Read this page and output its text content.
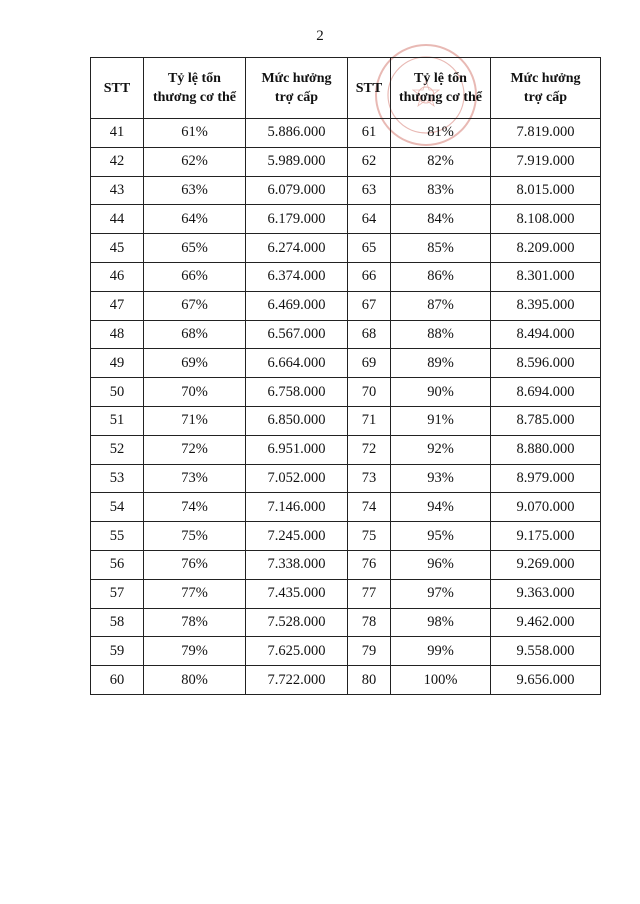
2
STT	Tỷ lệ tổn
thương cơ thể	Mức hưởng
trợ cấp	STT	Tỷ lệ tổn
thương cơ thể	Mức hưởng
trợ cấp

41	61%	5.886.000	61	81%	7.819.000
42	62%	5.989.000	62	82%	7.919.000
43	63%	6.079.000	63	83%	8.015.000
44	64%	6.179.000	64	84%	8.108.000
45	65%	6.274.000	65	85%	8.209.000
46	66%	6.374.000	66	86%	8.301.000
47	67%	6.469.000	67	87%	8.395.000
48	68%	6.567.000	68	88%	8.494.000
49	69%	6.664.000	69	89%	8.596.000
50	70%	6.758.000	70	90%	8.694.000
51	71%	6.850.000	71	91%	8.785.000
52	72%	6.951.000	72	92%	8.880.000
53	73%	7.052.000	73	93%	8.979.000
54	74%	7.146.000	74	94%	9.070.000
55	75%	7.245.000	75	95%	9.175.000
56	76%	7.338.000	76	96%	9.269.000
57	77%	7.435.000	77	97%	9.363.000
58	78%	7.528.000	78	98%	9.462.000
59	79%	7.625.000	79	99%	9.558.000
60	80%	7.722.000	80	100%	9.656.000
